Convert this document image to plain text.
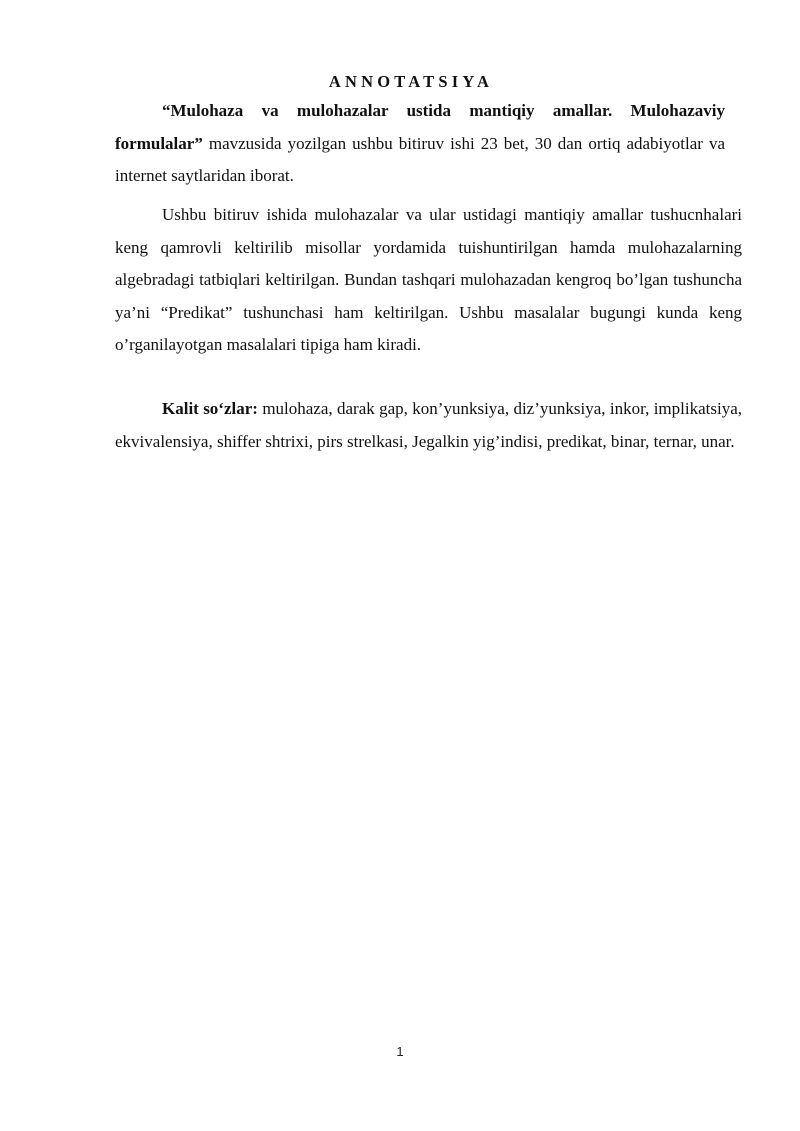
ANNOTATSIYA

“Mulohaza va mulohazalar ustida mantiqiy amallar. Mulohazaviy formulalar” mavzusida yozilgan ushbu bitiruv ishi 23 bet, 30 dan ortiq adabiyotlar va internet saytlaridan iborat.

Ushbu bitiruv ishida mulohazalar va ular ustidagi mantiqiy amallar tushucnhalari keng qamrovli keltirilib misollar yordamida tuishuntirilgan hamda mulohazalarning algebradagi tatbiqlari keltirilgan. Bundan tashqari mulohazadan kengroq bo’lgan tushuncha ya’ni “Predikat” tushunchasi ham keltirilgan. Ushbu masalalar bugungi kunda keng o’rganilayotgan masalalari tipiga ham kiradi.

Kalit so‘zlar: mulohaza, darak gap, kon’yunksiya, diz’yunksiya, inkor, implikatsiya, ekvivalensiya, shiffer shtrixi, pirs strelkasi, Jegalkin yig’indisi, predikat, binar, ternar, unar.

1
